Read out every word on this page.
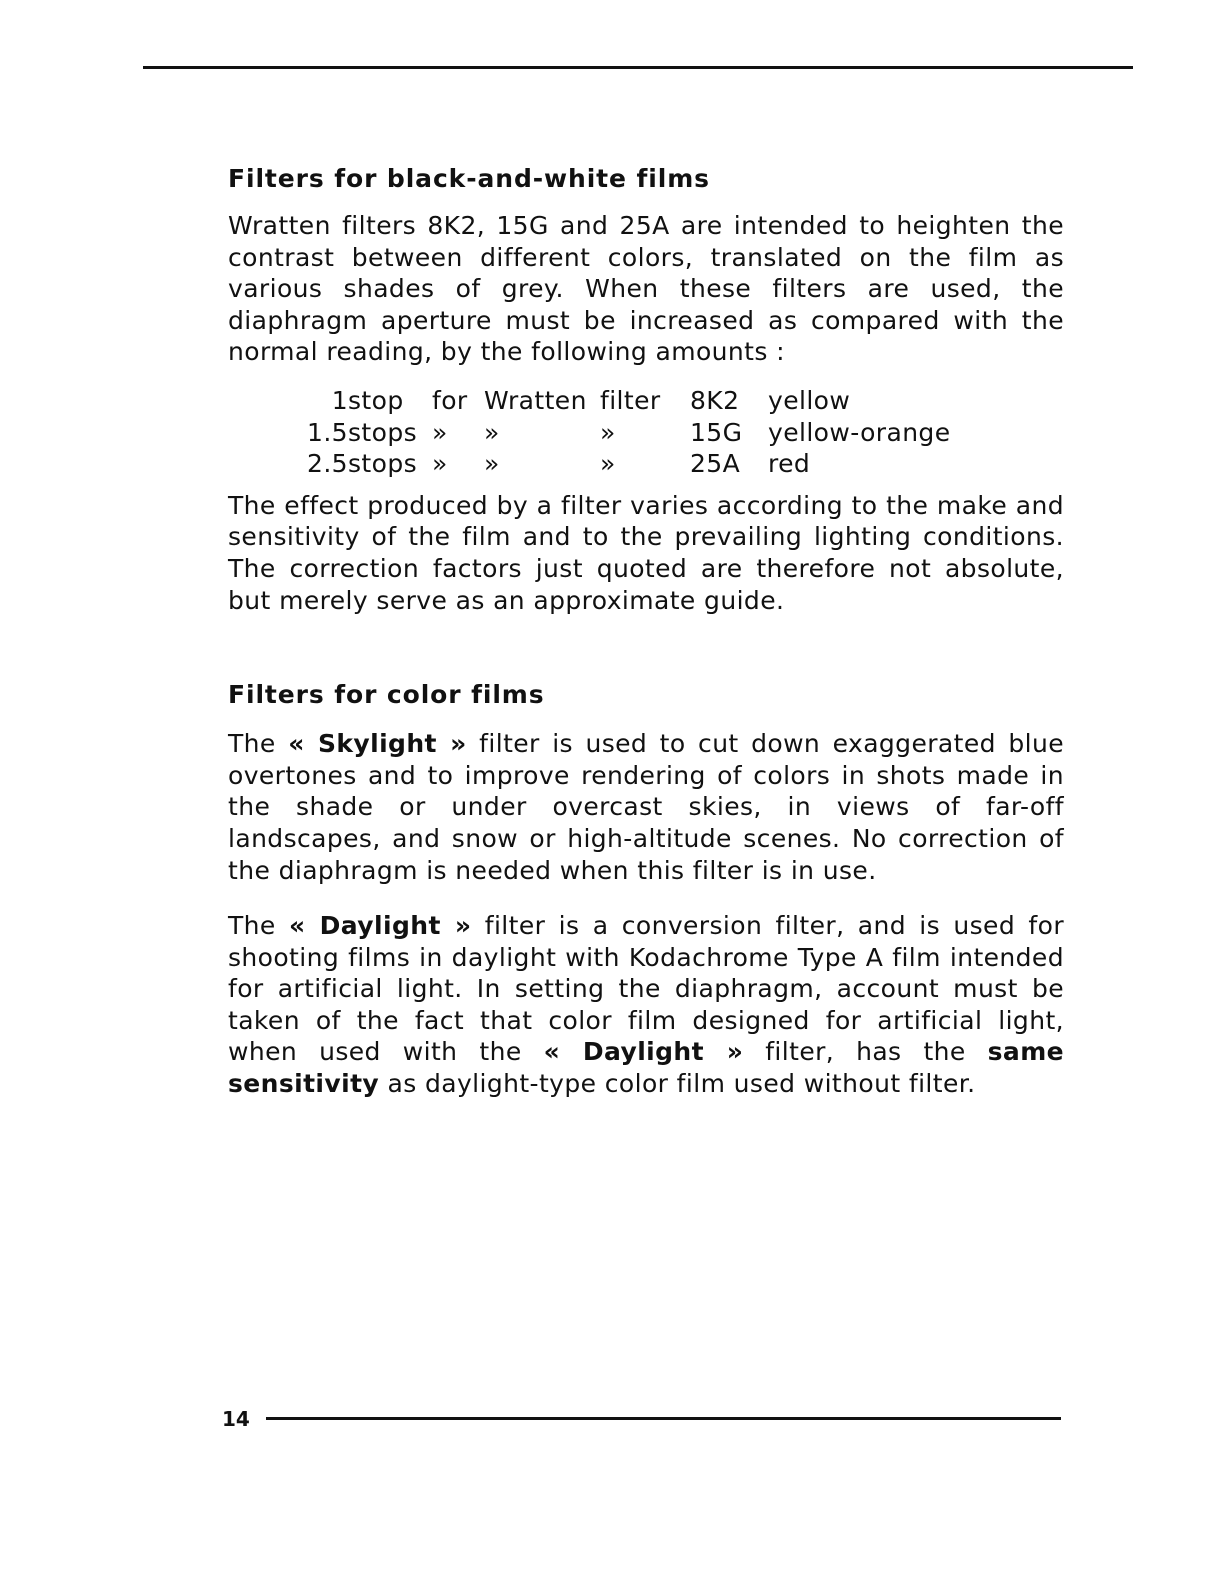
Filters for black-and-white films

Wratten filters 8K2, 15G and 25A are intended to heighten the contrast between different colors, translated on the film as various shades of grey. When these filters are used, the diaphragm aperture must be increased as compared with the normal reading, by the following amounts :

1	stop	for	Wratten	filter	8K2	yellow
1.5	stops	»	»	»	15G	yellow-orange
2.5	stops	»	»	»	25A	red

The effect produced by a filter varies according to the make and sensitivity of the film and to the prevailing lighting conditions. The correction factors just quoted are therefore not absolute, but merely serve as an approximate guide.

Filters for color films

The « Skylight » filter is used to cut down exaggerated blue overtones and to improve rendering of colors in shots made in the shade or under overcast skies, in views of far-off landscapes, and snow or high-altitude scenes. No correction of the diaphragm is needed when this filter is in use.

The « Daylight » filter is a conversion filter, and is used for shooting films in daylight with Kodachrome Type A film intended for artificial light. In setting the diaphragm, account must be taken of the fact that color film designed for artificial light, when used with the « Daylight » filter, has the same sensitivity as daylight-type color film used without filter.

14
